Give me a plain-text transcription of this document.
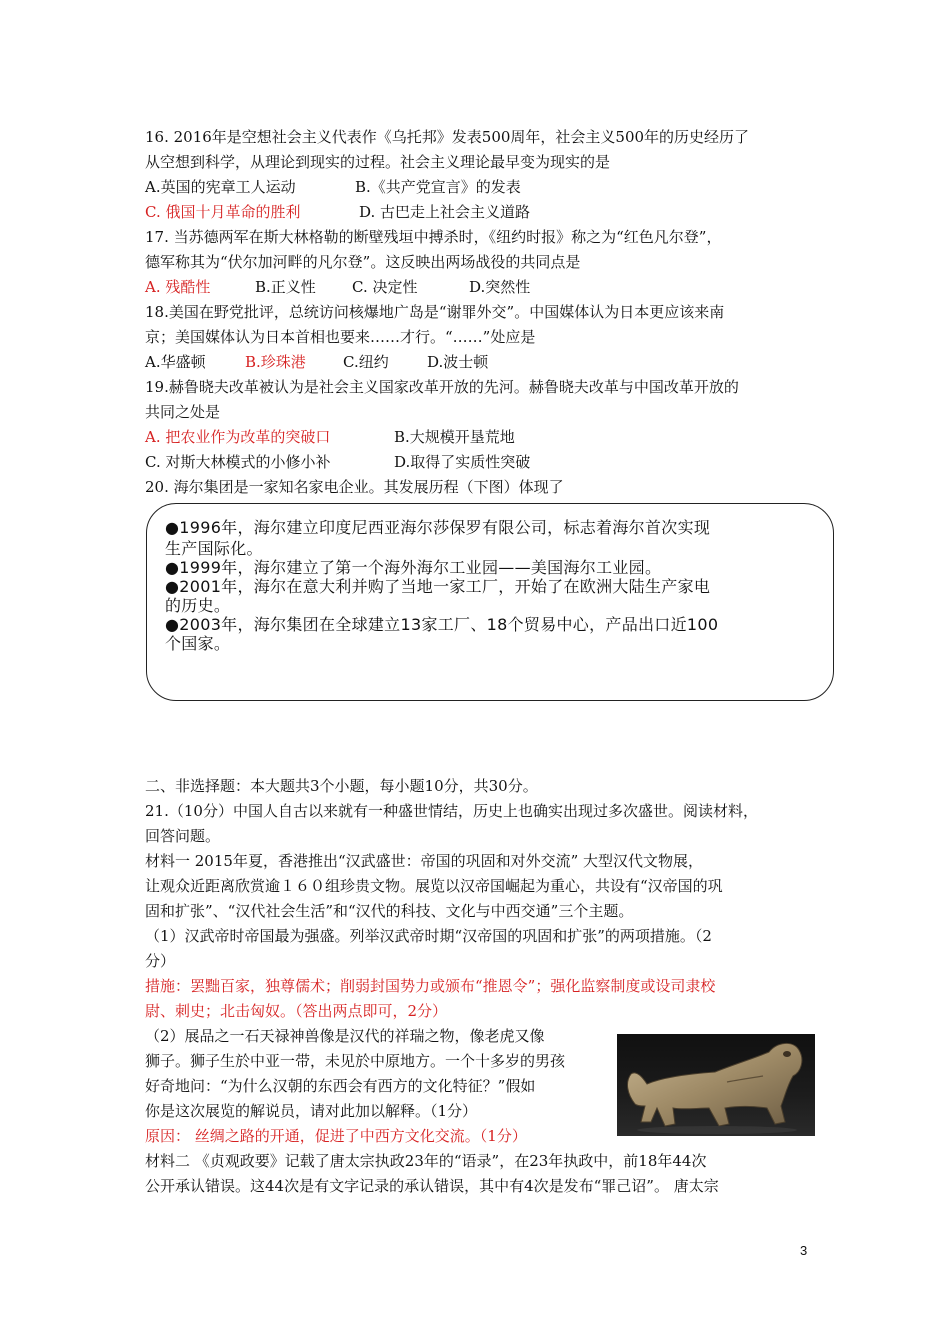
16. 2016年是空想社会主义代表作《乌托邦》发表500周年，社会主义500年的历史经历了
从空想到科学，从理论到现实的过程。社会主义理论最早变为现实的是
A.英国的宪章工人运动	B.《共产党宣言》的发表
C. 俄国十月革命的胜利	D. 古巴走上社会主义道路
17. 当苏德两军在斯大林格勒的断壁残垣中搏杀时，《纽约时报》称之为“红色凡尔登”，
德军称其为“伏尔加河畔的凡尔登”。这反映出两场战役的共同点是
A. 残酷性	B.正义性 C. 决定性	D.突然性
18.美国在野党批评，总统访问核爆地广岛是“谢罪外交”。中国媒体认为日本更应该来南
京；美国媒体认为日本首相也要来……才行。“……”处应是
A.华盛顿	B.珍珠港 C.纽约	D.波士顿
19.赫鲁晓夫改革被认为是社会主义国家改革开放的先河。赫鲁晓夫改革与中国改革开放的
共同之处是
A. 把农业作为改革的突破口	B.大规模开垦荒地
C. 对斯大林模式的小修小补	D.取得了实质性突破
20. 海尔集团是一家知名家电企业。其发展历程（下图）体现了
●1996年，海尔建立印度尼西亚海尔莎保罗有限公司，标志着海尔首次实现
生产国际化。
●1999年，海尔建立了第一个海外海尔工业园——美国海尔工业园。
●2001年，海尔在意大利并购了当地一家工厂，开始了在欧洲大陆生产家电
的历史。
●2003年，海尔集团在全球建立13家工厂、18个贸易中心，产品出口近100
个国家。
二、非选择题：本大题共3个小题，每小题10分，共30分。
21.（10分）中国人自古以来就有一种盛世情结，历史上也确实出现过多次盛世。阅读材料，
回答问题。
材料一 2015年夏，香港推出“汉武盛世：帝国的巩固和对外交流” 大型汉代文物展，
让观众近距离欣赏逾１６０组珍贵文物。展览以汉帝国崛起为重心，共设有“汉帝国的巩
固和扩张”、“汉代社会生活”和“汉代的科技、文化与中西交通”三个主题。
（1）汉武帝时帝国最为强盛。列举汉武帝时期“汉帝国的巩固和扩张”的两项措施。（2
分）
措施：罢黜百家，独尊儒术；削弱封国势力或颁布“推恩令”；强化监察制度或设司隶校
尉、刺史；北击匈奴。（答出两点即可，2分）
（2）展品之一石天禄神兽像是汉代的祥瑞之物，像老虎又像
狮子。狮子生於中亚一带，未见於中原地方。一个十多岁的男孩
好奇地问：“为什么汉朝的东西会有西方的文化特征？”假如
你是这次展览的解说员，请对此加以解释。（1分）
原因： 丝绸之路的开通，促进了中西方文化交流。（1分）
材料二 《贞观政要》记载了唐太宗执政23年的“语录”，在23年执政中，前18年44次
公开承认错误。这44次是有文字记录的承认错误，其中有4次是发布“罪己诏”。 唐太宗
3
